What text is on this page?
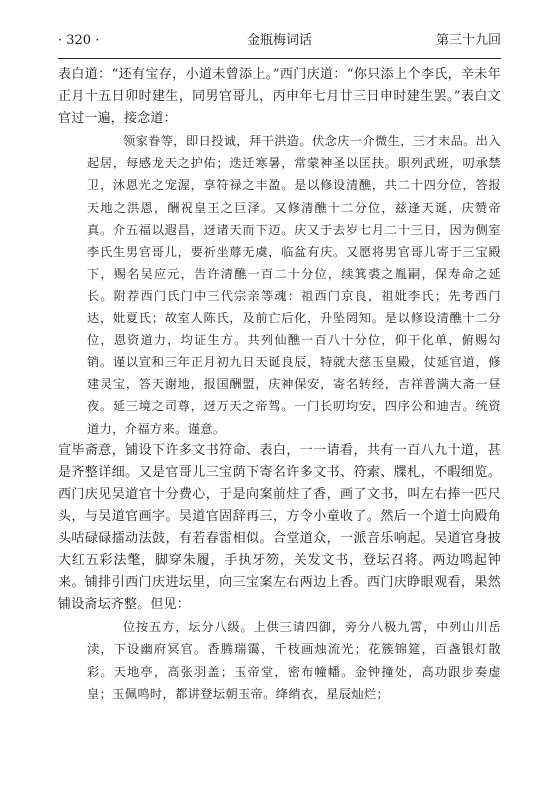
· 320 ·	金瓶梅词话	第三十九回

表白道：“还有宝存，小道未曾添上。”西门庆道：“你只添上个李氏，辛未年正月十五日卯时建生，同男官哥儿，丙申年七月廿三日申时建生罢。”表白文官过一遍，接念道：

领家眷等，即日投诚，拜干洪造。伏念庆一介微生，三才末品。出入起居，每感龙天之护佑；迭迁寒暑，常蒙神圣以匡扶。职列武班，叨承禁卫，沐恩光之宠渥，享符禄之丰盈。是以修设清醮，共二十四分位，答报天地之洪恩，酬祝皇王之巨泽。又修清醮十二分位，兹逢天诞，庆赞帝真。介五福以遐昌，迓诸天而下迈。庆又于去岁七月二十三日，因为侧室李氏生男官哥儿，要祈坐蓐无虞，临盆有庆。又愿将男官哥儿寄于三宝殿下，赐名吴应元，告许清醮一百二十分位，续箕裘之胤嗣，保寿命之延长。附荐西门氏门中三代宗亲等魂：祖西门京良，祖妣李氏；先考西门达，妣夏氏；故室人陈氏，及前亡后化，升坠罔知。是以修设清醮十二分位，恩资道力，均证生方。共列仙醮一百八十分位，仰干化单，俯赐勾销。谨以宣和三年正月初九日天诞良辰，特就大慈玉皇殿，仗延官道，修建灵宝，答天谢地，报国酬盟，庆神保安，寄名转经，吉祥普满大斋一昼夜。延三境之司尊，迓万天之帝驾。一门长叨均安，四序公和迪吉。统资道力，介福方来。谨意。

宣毕斋意，铺设下许多文书符命、表白，一一请看，共有一百八九十道，甚是齐整详细。又是官哥儿三宝荫下寄名许多文书、符索、牒札，不暇细览。西门庆见吴道官十分费心，于是向案前炷了香，画了文书，叫左右捧一匹尺头，与吴道官画字。吴道官固辞再三，方令小童收了。然后一个道士向殿角头咕碌碌擂动法鼓，有若春雷相似。合堂道众，一派音乐响起。吴道官身披大红五彩法氅，脚穿朱履，手执牙笏，关发文书，登坛召将。两边鸣起钟来。铺排引西门庆进坛里，向三宝案左右两边上香。西门庆睁眼观看，果然铺设斋坛齐整。但见：

位按五方，坛分八级。上供三请四御，旁分八极九霄，中列山川岳渎，下设幽府冥官。香腾瑞霭，千枝画烛流光；花簇锦筵，百盏银灯散彩。天地亭，高张羽盖；玉帝堂，密布幢幡。金钟撞处，高功跟步奏虚皇；玉佩鸣时，都讲登坛朝玉帝。绛绡衣，星辰灿烂；
